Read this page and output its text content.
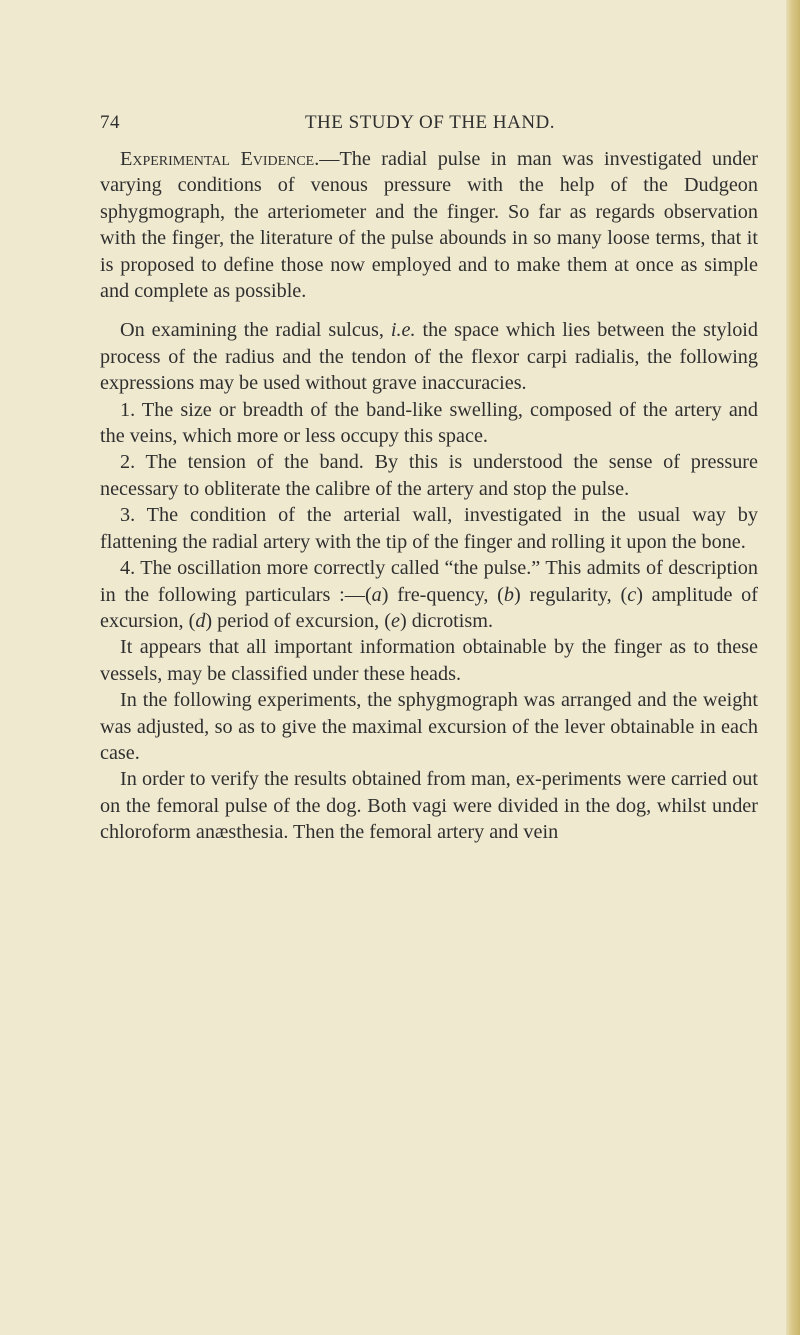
74	THE STUDY OF THE HAND.

Experimental Evidence.—The radial pulse in man was investigated under varying conditions of venous pressure with the help of the Dudgeon sphygmograph, the arteriometer and the finger. So far as regards observation with the finger, the literature of the pulse abounds in so many loose terms, that it is proposed to define those now employed and to make them at once as simple and complete as possible.

On examining the radial sulcus, i.e. the space which lies between the styloid process of the radius and the tendon of the flexor carpi radialis, the following expressions may be used without grave inaccuracies.

1. The size or breadth of the band-like swelling, composed of the artery and the veins, which more or less occupy this space.

2. The tension of the band. By this is understood the sense of pressure necessary to obliterate the calibre of the artery and stop the pulse.

3. The condition of the arterial wall, investigated in the usual way by flattening the radial artery with the tip of the finger and rolling it upon the bone.

4. The oscillation more correctly called “the pulse.” This admits of description in the following particulars :—(a) fre-quency, (b) regularity, (c) amplitude of excursion, (d) period of excursion, (e) dicrotism.

It appears that all important information obtainable by the finger as to these vessels, may be classified under these heads.

In the following experiments, the sphygmograph was arranged and the weight was adjusted, so as to give the maximal excursion of the lever obtainable in each case.

In order to verify the results obtained from man, ex-periments were carried out on the femoral pulse of the dog. Both vagi were divided in the dog, whilst under chloroform anæsthesia. Then the femoral artery and vein
